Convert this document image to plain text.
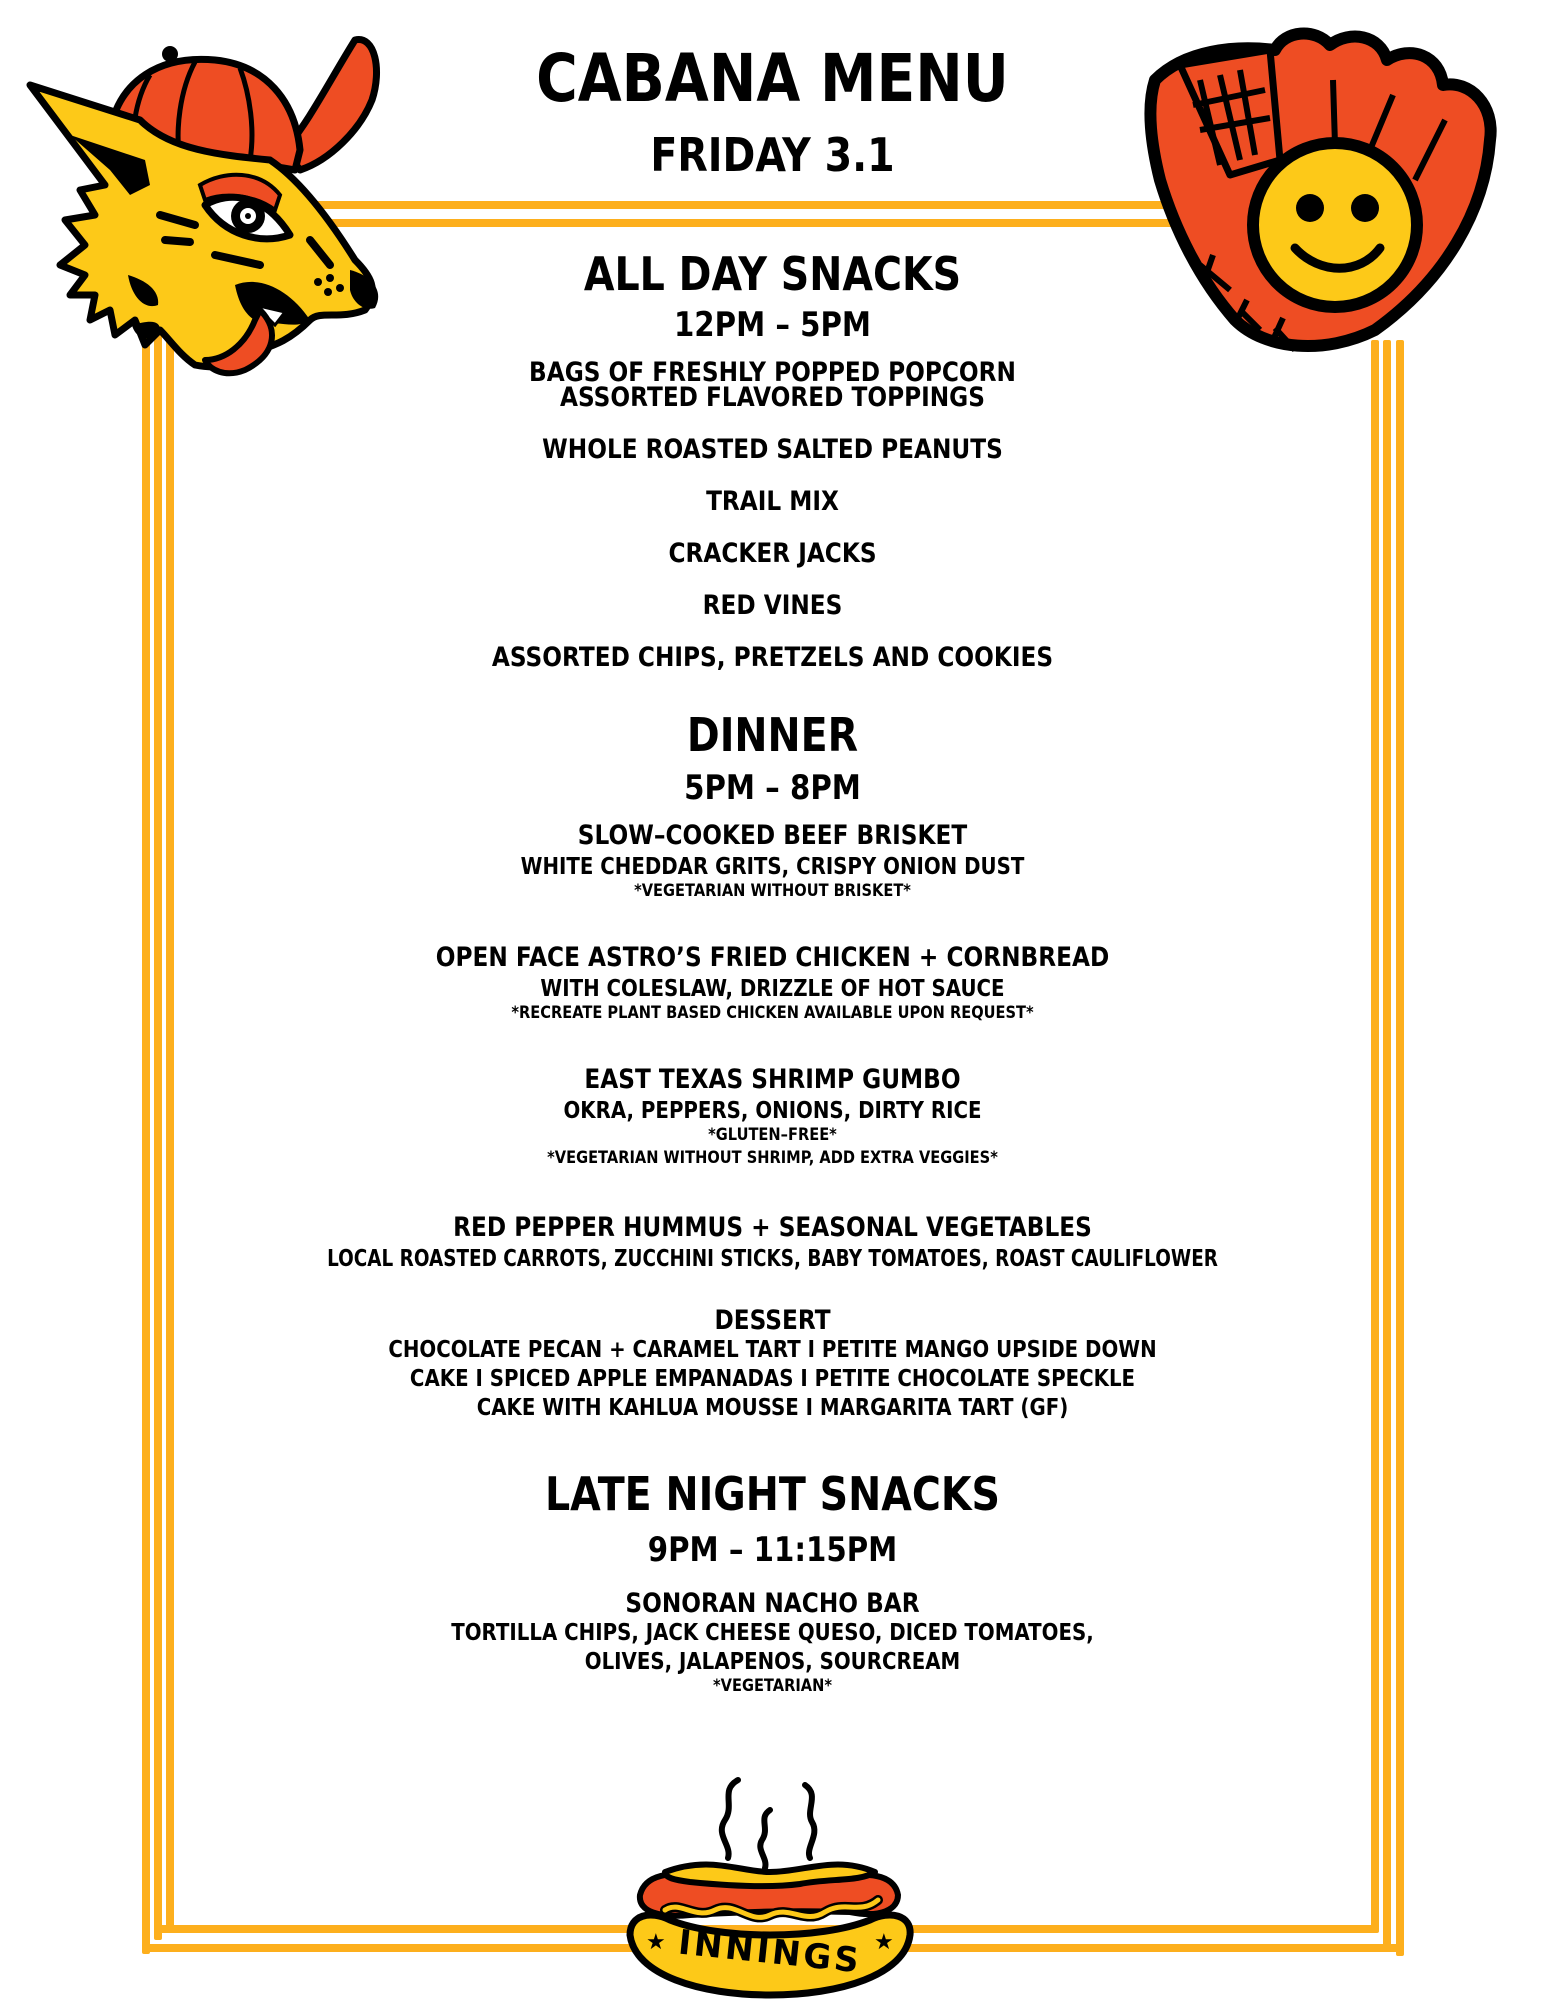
CABANA MENU
FRIDAY 3.1
ALL DAY SNACKS
12PM – 5PM
BAGS OF FRESHLY POPPED POPCORN
ASSORTED FLAVORED TOPPINGS
WHOLE ROASTED SALTED PEANUTS
TRAIL MIX
CRACKER JACKS
RED VINES
ASSORTED CHIPS, PRETZELS AND COOKIES
DINNER
5PM – 8PM
SLOW–COOKED BEEF BRISKET
WHITE CHEDDAR GRITS, CRISPY ONION DUST
*VEGETARIAN WITHOUT BRISKET*
OPEN FACE ASTRO’S FRIED CHICKEN + CORNBREAD
WITH COLESLAW, DRIZZLE OF HOT SAUCE
*RECREATE PLANT BASED CHICKEN AVAILABLE UPON REQUEST*
EAST TEXAS SHRIMP GUMBO
OKRA, PEPPERS, ONIONS, DIRTY RICE
*GLUTEN–FREE*
*VEGETARIAN WITHOUT SHRIMP, ADD EXTRA VEGGIES*
RED PEPPER HUMMUS + SEASONAL VEGETABLES
LOCAL ROASTED CARROTS, ZUCCHINI STICKS, BABY TOMATOES, ROAST CAULIFLOWER
DESSERT
CHOCOLATE PECAN + CARAMEL TART I PETITE MANGO UPSIDE DOWN
CAKE I SPICED APPLE EMPANADAS I PETITE CHOCOLATE SPECKLE
CAKE WITH KAHLUA MOUSSE I MARGARITA TART (GF)
LATE NIGHT SNACKS
9PM – 11:15PM
SONORAN NACHO BAR
TORTILLA CHIPS, JACK CHEESE QUESO, DICED TOMATOES,
OLIVES, JALAPENOS, SOURCREAM
*VEGETARIAN*
INNINGS
★	★
